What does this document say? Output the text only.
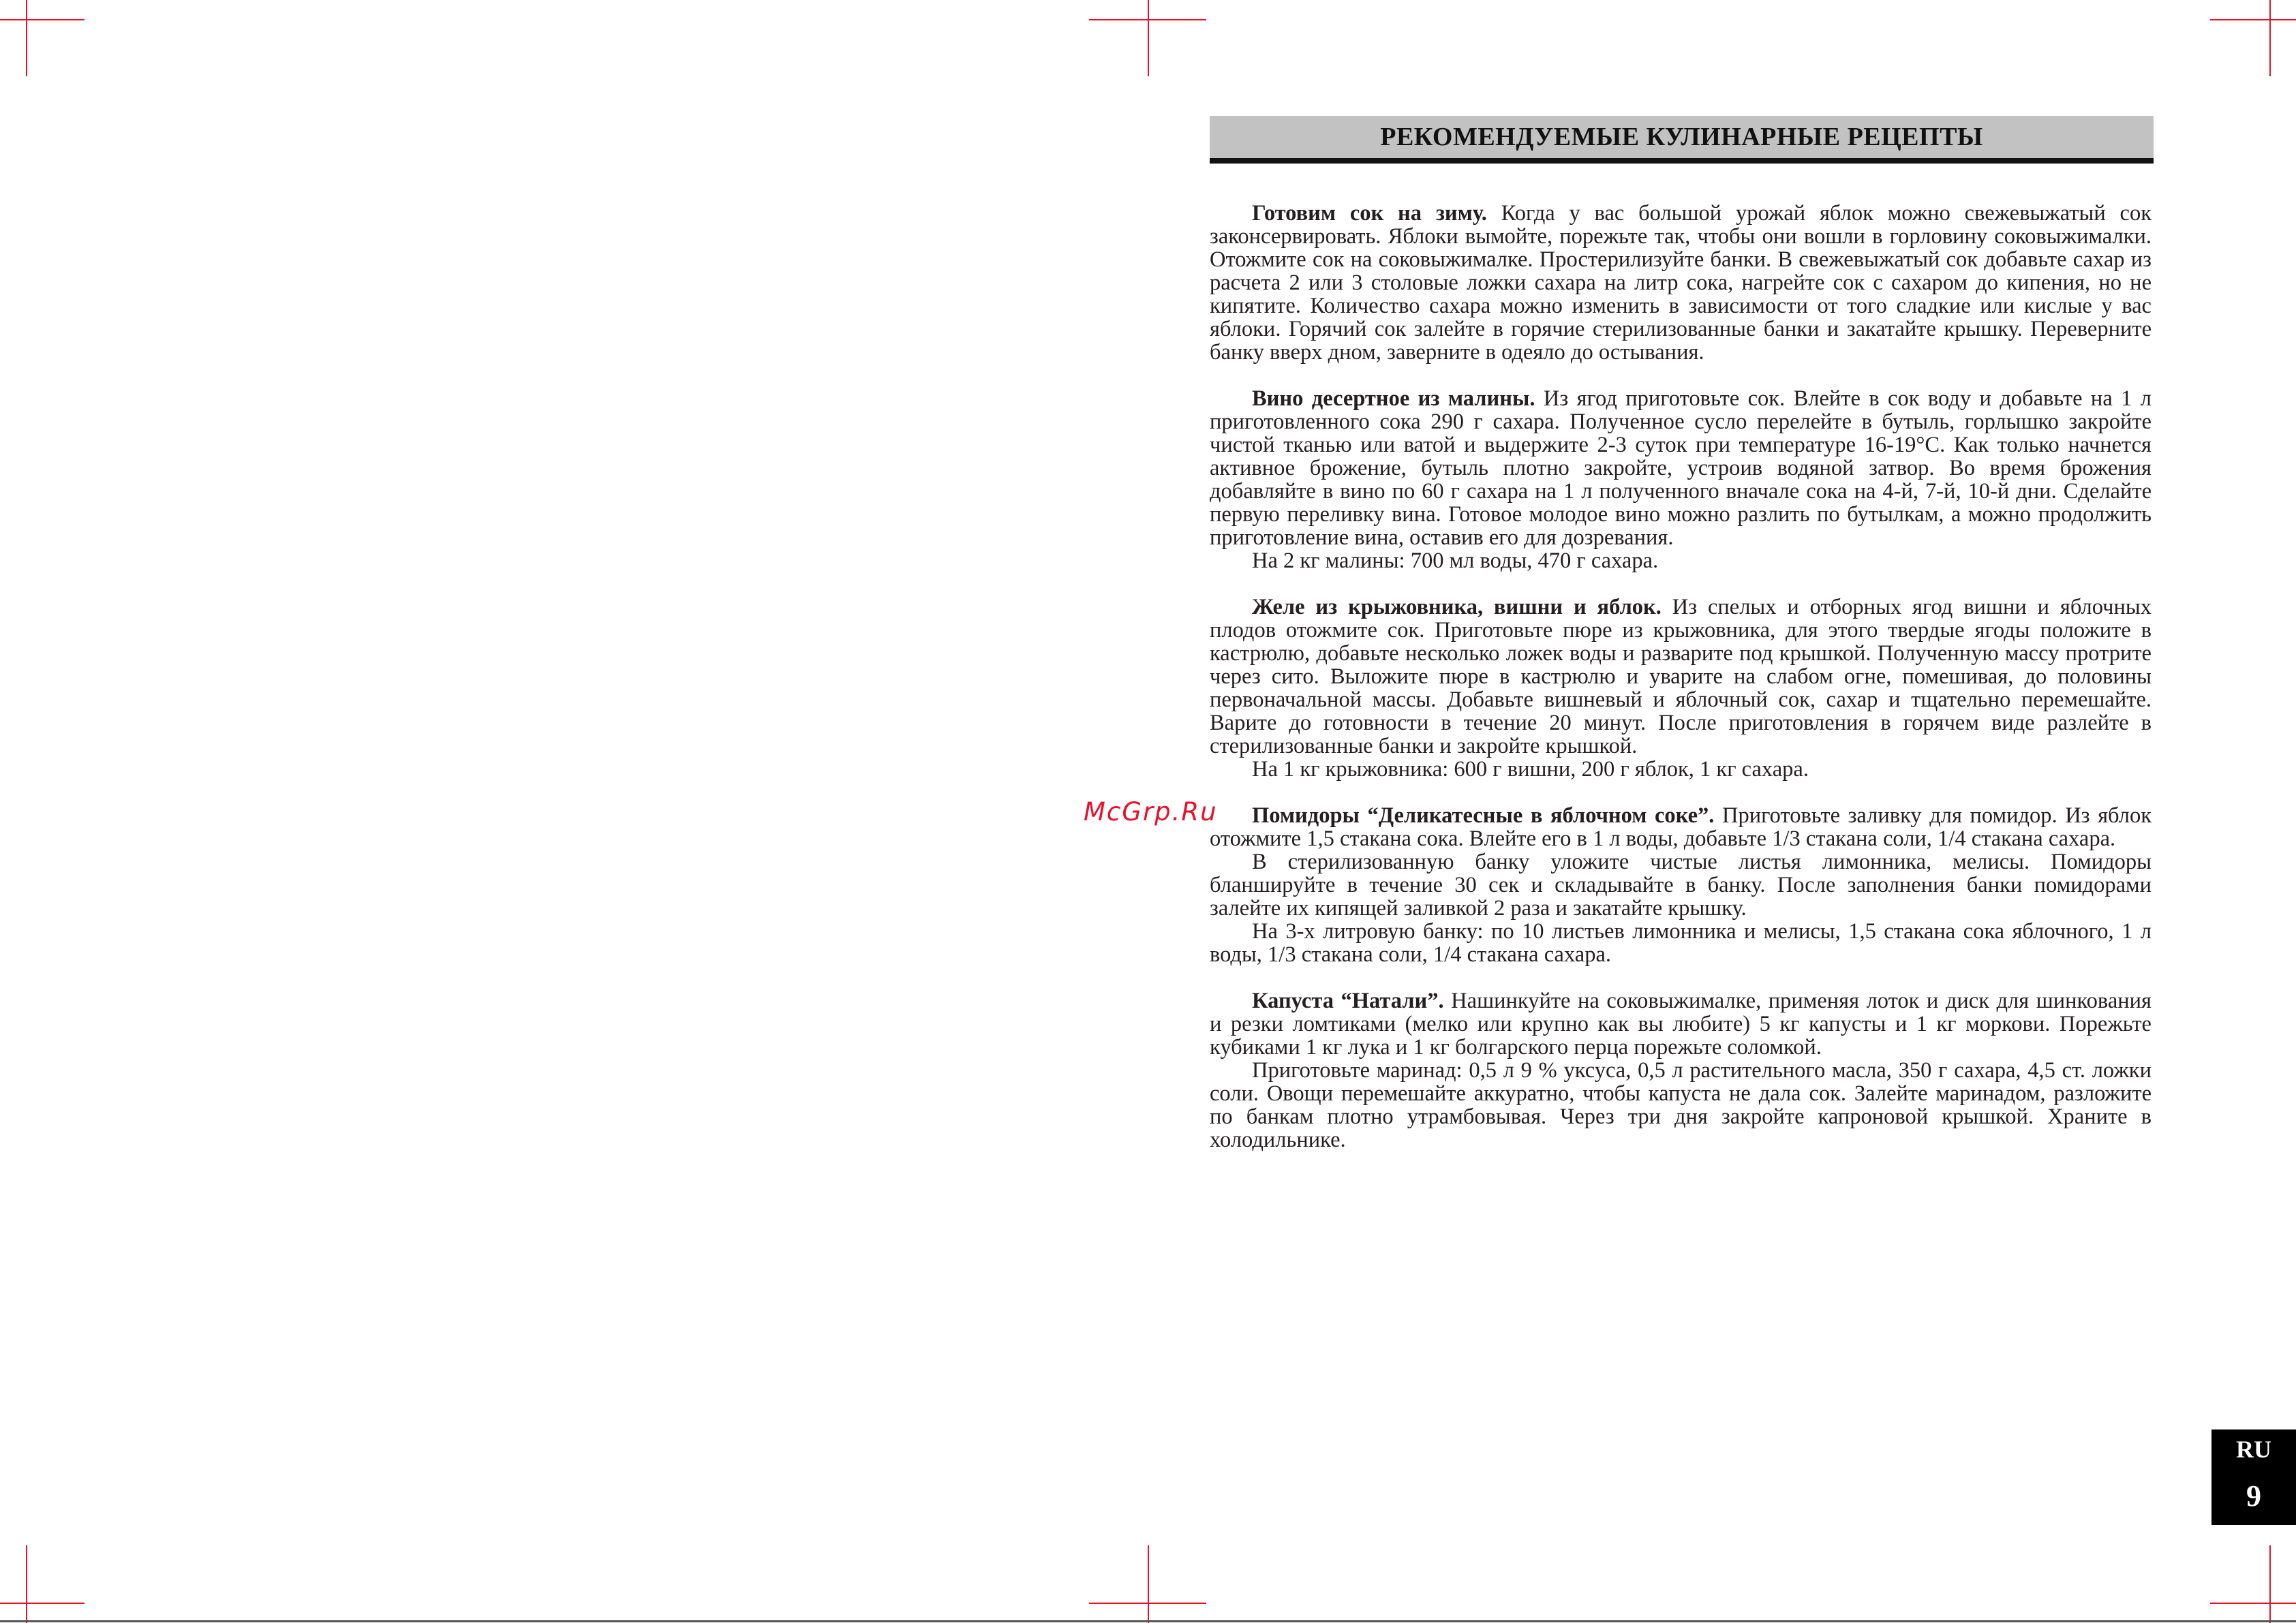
McGrp.Ru
РЕКОМЕНДУЕМЫЕ КУЛИНАРНЫЕ РЕЦЕПТЫ

Готовим сок на зиму. Когда у вас большой урожай яблок можно свежевыжатый сок законсервировать. Яблоки вымойте, порежьте так, чтобы они вошли в горловину соковыжималки. Отожмите сок на соковыжималке. Простерилизуйте банки. В свежевыжатый сок добавьте сахар из расчета 2 или 3 столовые ложки сахара на литр сока, нагрейте сок с сахаром до кипения, но не кипятите. Количество сахара можно изменить в зависимости от того сладкие или кислые у вас яблоки. Горячий сок залейте в горячие стерилизованные банки и закатайте крышку. Переверните банку вверх дном, заверните в одеяло до остывания.

Вино десертное из малины. Из ягод приготовьте сок. Влейте в сок воду и добавьте на 1 л приготовленного сока 290 г сахара. Полученное сусло перелейте в бутыль, горлышко закройте чистой тканью или ватой и выдержите 2-3 суток при температуре 16-19°С. Как только начнется активное брожение, бутыль плотно закройте, устроив водяной затвор. Во время брожения добавляйте в вино по 60 г сахара на 1 л полученного вначале сока на 4-й, 7-й, 10-й дни. Сделайте первую переливку вина. Готовое молодое вино можно разлить по бутылкам, а можно продолжить приготовление вина, оставив его для дозревания.

На 2 кг малины: 700 мл воды, 470 г сахара.

Желе из крыжовника, вишни и яблок. Из спелых и отборных ягод вишни и яблочных плодов отожмите сок. Приготовьте пюре из крыжовника, для этого твердые ягоды положите в кастрюлю, добавьте несколько ложек воды и разварите под крышкой. Полученную массу протрите через сито. Выложите пюре в кастрюлю и уварите на слабом огне, помешивая, до половины первоначальной массы. Добавьте вишневый и яблочный сок, сахар и тщательно перемешайте. Варите до готовности в течение 20 минут. После приготовления в горячем виде разлейте в стерилизованные банки и закройте крышкой.

На 1 кг крыжовника: 600 г вишни, 200 г яблок, 1 кг сахара.

Помидоры “Деликатесные в яблочном соке”. Приготовьте заливку для помидор. Из яблок отожмите 1,5 стакана сока. Влейте его в 1 л воды, добавьте 1/3 стакана соли, 1/4 стакана сахара.

В стерилизованную банку уложите чистые листья лимонника, мелисы. Помидоры бланшируйте в течение 30 сек и складывайте в банку. После заполнения банки помидорами залейте их кипящей заливкой 2 раза и закатайте крышку.

На 3-х литровую банку: по 10 листьев лимонника и мелисы, 1,5 стакана сока яблочного, 1 л воды, 1/3 стакана соли, 1/4 стакана сахара.

Капуста “Натали”. Нашинкуйте на соковыжималке, применяя лоток и диск для шинкования и резки ломтиками (мелко или крупно как вы любите) 5 кг капусты и 1 кг моркови. Порежьте кубиками 1 кг лука и 1 кг болгарского перца порежьте соломкой.

Приготовьте маринад: 0,5 л 9 % уксуса, 0,5 л растительного масла, 350 г сахара, 4,5 ст. ложки соли. Овощи перемешайте аккуратно, чтобы капуста не дала сок. Залейте маринадом, разложите по банкам плотно утрамбовывая. Через три дня закройте капроновой крышкой. Храните в холодильнике.

RU
9
